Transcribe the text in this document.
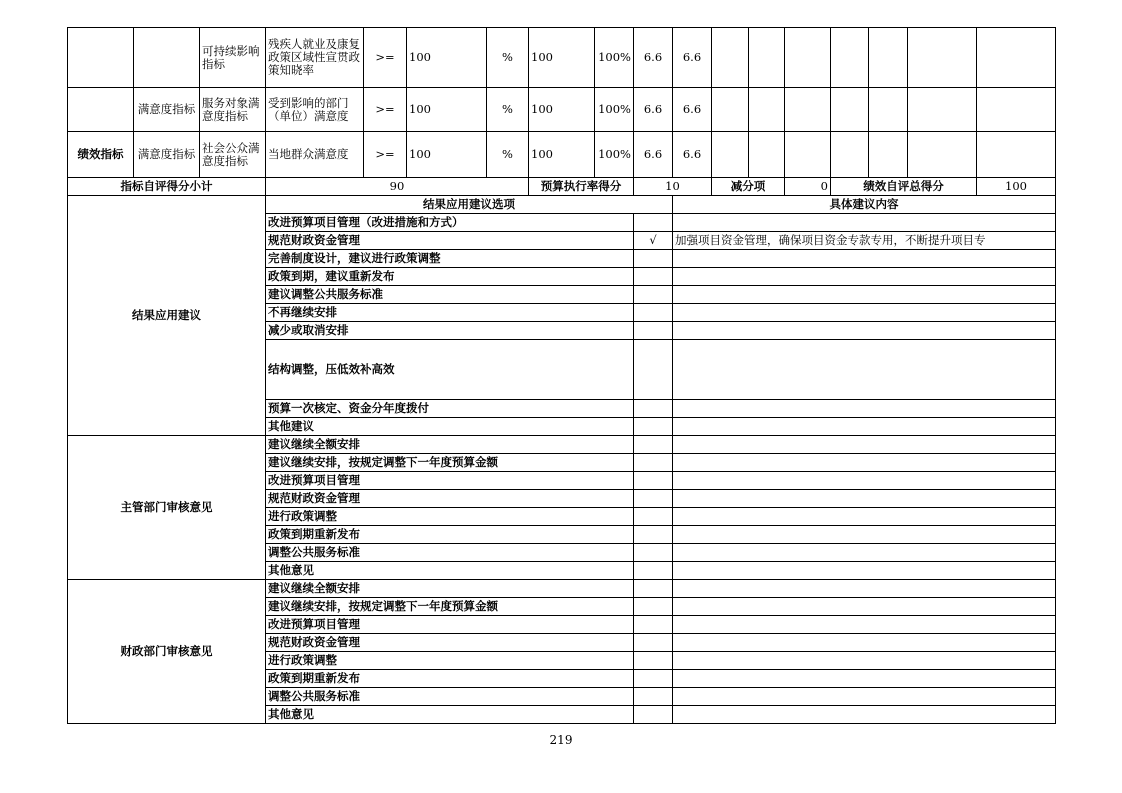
		可持续影响指标	残疾人就业及康复政策区域性宣贯政策知晓率	>=	100	%	100	100%	6.6	6.6							
	满意度指标	服务对象满意度指标	受到影响的部门（单位）满意度	>=	100	%	100	100%	6.6	6.6							
绩效指标	满意度指标	社会公众满意度指标	当地群众满意度	>=	100	%	100	100%	6.6	6.6							
指标自评得分小计			90				预算执行率得分		10		减分项		0	绩效自评总得分			100
结果应用建议			结果应用建议选项							具体建议内容							
			改进预算项目管理（改进措施和方式）														
			规范财政资金管理						√	加强项目资金管理，确保项目资金专款专用，不断提升项目专							
			完善制度设计，建议进行政策调整														
			政策到期，建议重新发布														
			建议调整公共服务标准														
			不再继续安排														
			减少或取消安排														
			结构调整，压低效补高效														
			预算一次核定、资金分年度拨付														
			其他建议														
主管部门审核意见			建议继续全额安排														
			建议继续安排，按规定调整下一年度预算金额														
			改进预算项目管理														
			规范财政资金管理														
			进行政策调整														
			政策到期重新发布														
			调整公共服务标准														
			其他意见														
财政部门审核意见			建议继续全额安排														
			建议继续安排，按规定调整下一年度预算金额														
			改进预算项目管理														
			规范财政资金管理														
			进行政策调整														
			政策到期重新发布														
			调整公共服务标准														
			其他意见														
219
